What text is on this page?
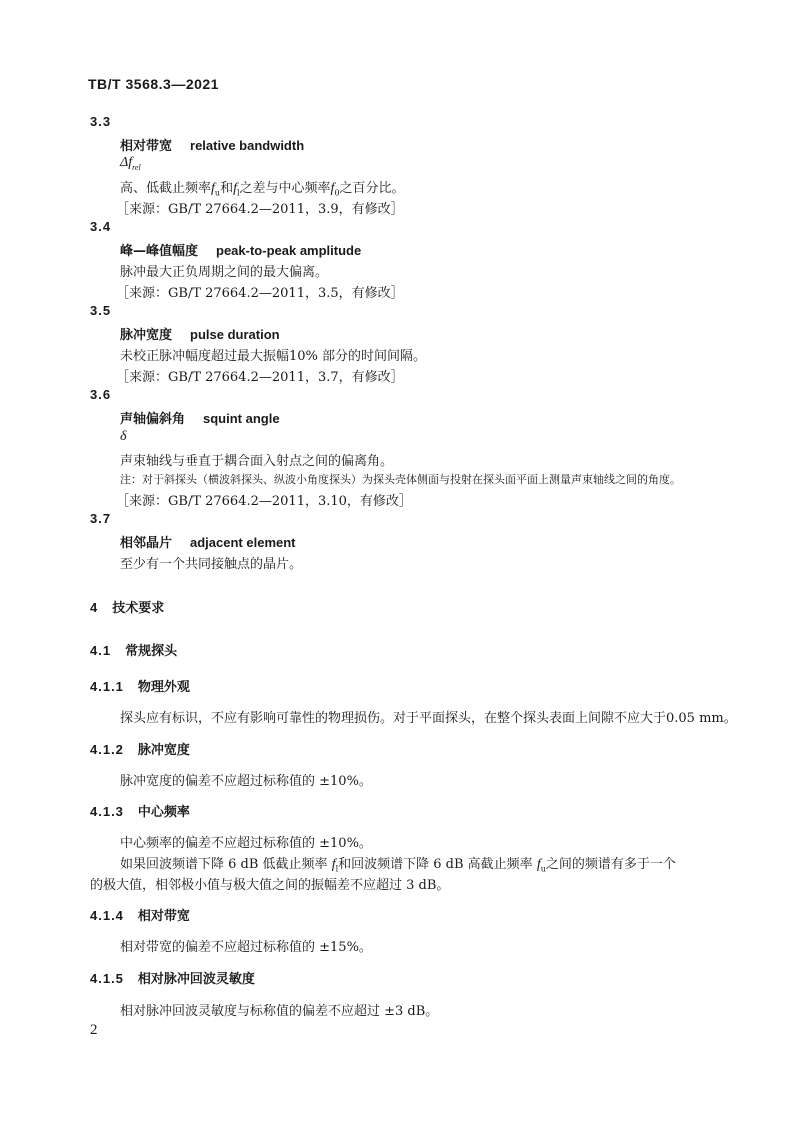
TB/T 3568.3—2021
3.3
相对带宽 relative bandwidth
$\Delta f_{rel}$
高、低截止频率$f_u$和$f_l$之差与中心频率$f_0$之百分比。
［来源：GB/T 27664.2—2011，3.9，有修改］
3.4
峰—峰值幅度 peak-to-peak amplitude
脉冲最大正负周期之间的最大偏离。
［来源：GB/T 27664.2—2011，3.5，有修改］
3.5
脉冲宽度 pulse duration
未校正脉冲幅度超过最大振幅10% 部分的时间间隔。
［来源：GB/T 27664.2—2011，3.7，有修改］
3.6
声轴偏斜角 squint angle
δ
声束轴线与垂直于耦合面入射点之间的偏离角。
注：对于斜探头（横波斜探头、纵波小角度探头）为探头壳体侧面与投射在探头面平面上测量声束轴线之间的角度。
［来源：GB/T 27664.2—2011，3.10，有修改］
3.7
相邻晶片 adjacent element
至少有一个共同接触点的晶片。
4 技术要求
4.1 常规探头
4.1.1 物理外观
探头应有标识，不应有影响可靠性的物理损伤。对于平面探头，在整个探头表面上间隙不应大于0.05 mm。
4.1.2 脉冲宽度
脉冲宽度的偏差不应超过标称值的 ±10%。
4.1.3 中心频率
中心频率的偏差不应超过标称值的 ±10%。
如果回波频谱下降 6 dB 低截止频率 $f_l$和回波频谱下降 6 dB 高截止频率 $f_u$之间的频谱有多于一个
的极大值，相邻极小值与极大值之间的振幅差不应超过 3 dB。
4.1.4 相对带宽
相对带宽的偏差不应超过标称值的 ±15%。
4.1.5 相对脉冲回波灵敏度
相对脉冲回波灵敏度与标称值的偏差不应超过 ±3 dB。
2
